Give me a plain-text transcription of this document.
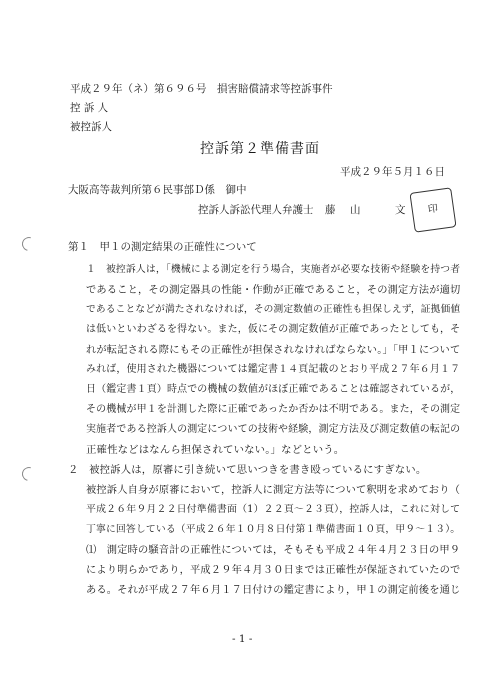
平成２９年（ネ）第６９６号　損害賠償請求等控訴事件
控 訴 人
被控訴人
控訴第２準備書面
平成２９年５月１６日
大阪高等裁判所第６民事部Ｄ係　御中
控訴人訴訟代理人弁護士 藤 山	文	印
第１　甲１の測定結果の正確性について
１　被控訴人は，「機械による測定を行う場合，実施者が必要な技術や経験を持つ者
であること，その測定器具の性能・作動が正確であること，その測定方法が適切
であることなどが満たされなければ，その測定数値の正確性も担保しえず，証拠価値
は低いといわざるを得ない。また，仮にその測定数値が正確であったとしても，そ
れが転記される際にもその正確性が担保されなければならない。」「甲１について
みれば，使用された機器については鑑定書１４頁記載のとおり平成２７年６月１７
日（鑑定書１頁）時点での機械の数値がほぼ正確であることは確認されているが，
その機械が甲１を計測した際に正確であったか否かは不明である。また，その測定
実施者である控訴人の測定についての技術や経験，測定方法及び測定数値の転記の
正確性などはなんら担保されていない。」などという。
２　被控訴人は，原審に引き続いて思いつきを書き殴っているにすぎない。
被控訴人自身が原審において，控訴人に測定方法等について釈明を求めており（
平成２６年９月２２日付準備書面（1）２２頁～２３頁），控訴人は，これに対して
丁寧に回答している（平成２６年１０月８日付第１準備書面１０頁，甲９～１３）。
⑴　測定時の騒音計の正確性については，そもそも平成２４年４月２３日の甲９
により明らかであり，平成２９年４月３０日までは正確性が保証されていたので
ある。それが平成２７年６月１７日付けの鑑定書により，甲１の測定前後を通じ
- 1 -
